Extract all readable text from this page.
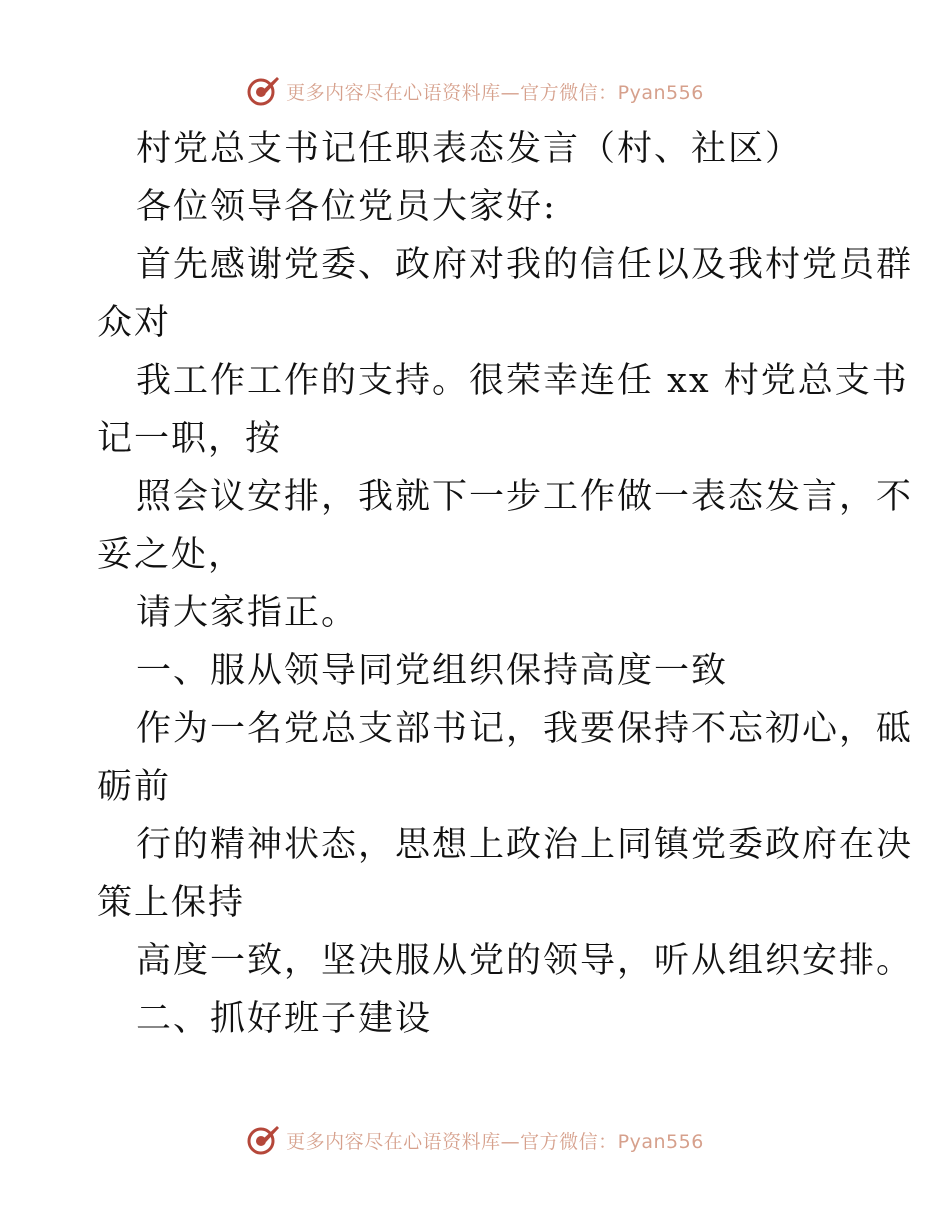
更多内容尽在心语资料库—官方微信：Pyan556
村党总支书记任职表态发言（村、社区）
各位领导各位党员大家好:
首先感谢党委、政府对我的信任以及我村党员群
众对
我工作工作的支持。很荣幸连任 xx 村党总支书
记一职，按
照会议安排，我就下一步工作做一表态发言，不
妥之处，
请大家指正。
一、服从领导同党组织保持高度一致
作为一名党总支部书记，我要保持不忘初心，砥
砺前
行的精神状态，思想上政治上同镇党委政府在决
策上保持
高度一致，坚决服从党的领导，听从组织安排。
二、抓好班子建设
更多内容尽在心语资料库—官方微信：Pyan556
